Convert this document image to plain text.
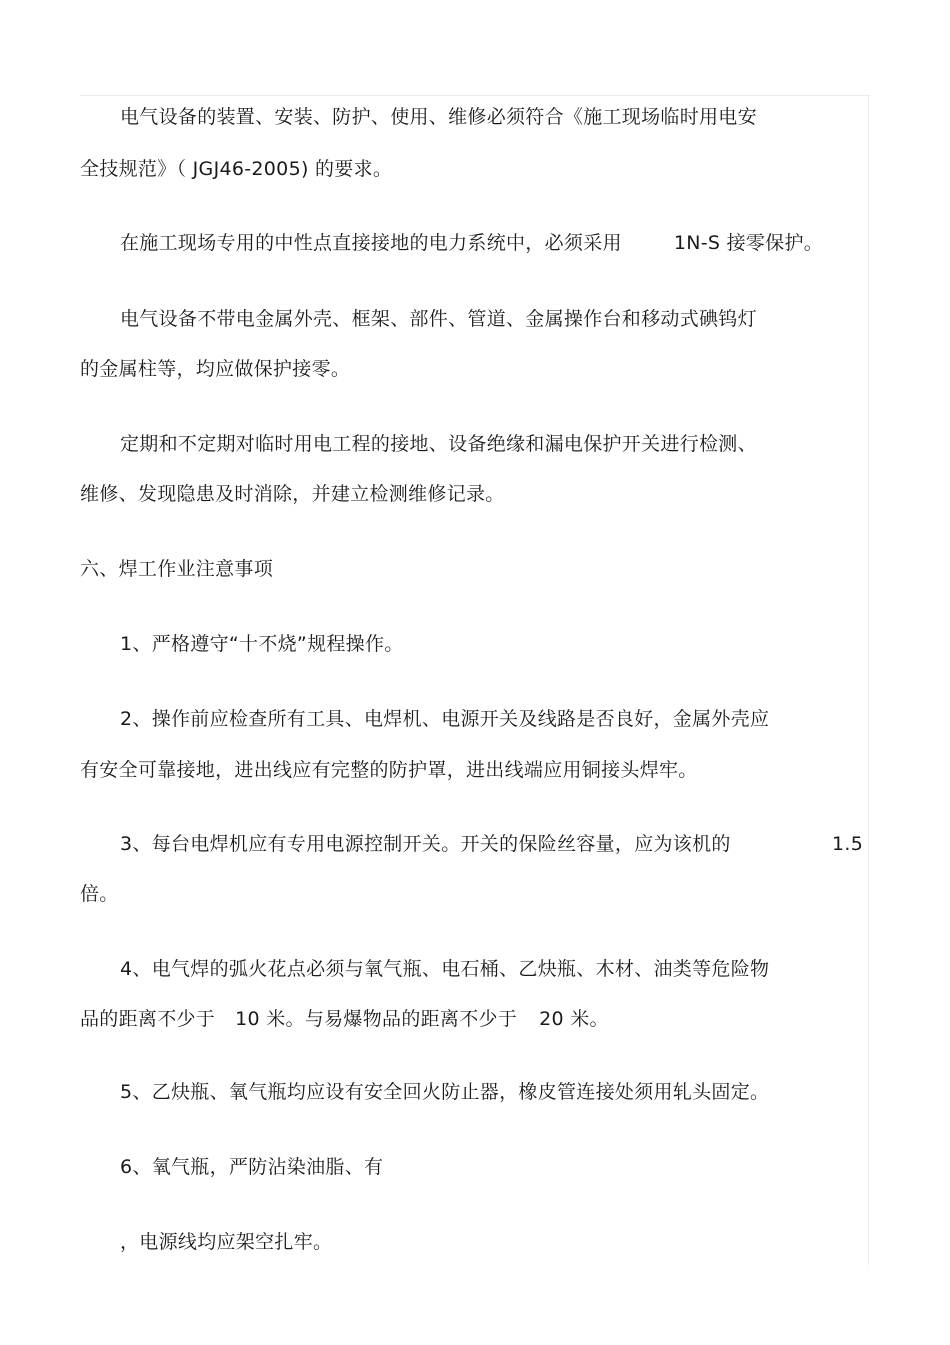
电气设备的装置、安装、防护、使用、维修必须符合《施工现场临时用电安
全技规范》（ JGJ46-2005) 的要求。
在施工现场专用的中性点直接接地的电力系统中，必须采用	1N-S 接零保护。
电气设备不带电金属外壳、框架、部件、管道、金属操作台和移动式碘钨灯
的金属柱等，均应做保护接零。
定期和不定期对临时用电工程的接地、设备绝缘和漏电保护开关进行检测、
维修、发现隐患及时消除，并建立检测维修记录。
六、焊工作业注意事项
1、严格遵守“十不烧”规程操作。
2、操作前应检查所有工具、电焊机、电源开关及线路是否良好，金属外壳应
有安全可靠接地，进出线应有完整的防护罩，进出线端应用铜接头焊牢。
3、每台电焊机应有专用电源控制开关。开关的保险丝容量，应为该机的	1.5
倍。
4、电气焊的弧火花点必须与氧气瓶、电石桶、乙炔瓶、木材、油类等危险物
品的距离不少于 10 米。与易爆物品的距离不少于 20 米。
5、乙炔瓶、氧气瓶均应设有安全回火防止器，橡皮管连接处须用轧头固定。
6、氧气瓶，严防沾染油脂、有
，电源线均应架空扎牢。
